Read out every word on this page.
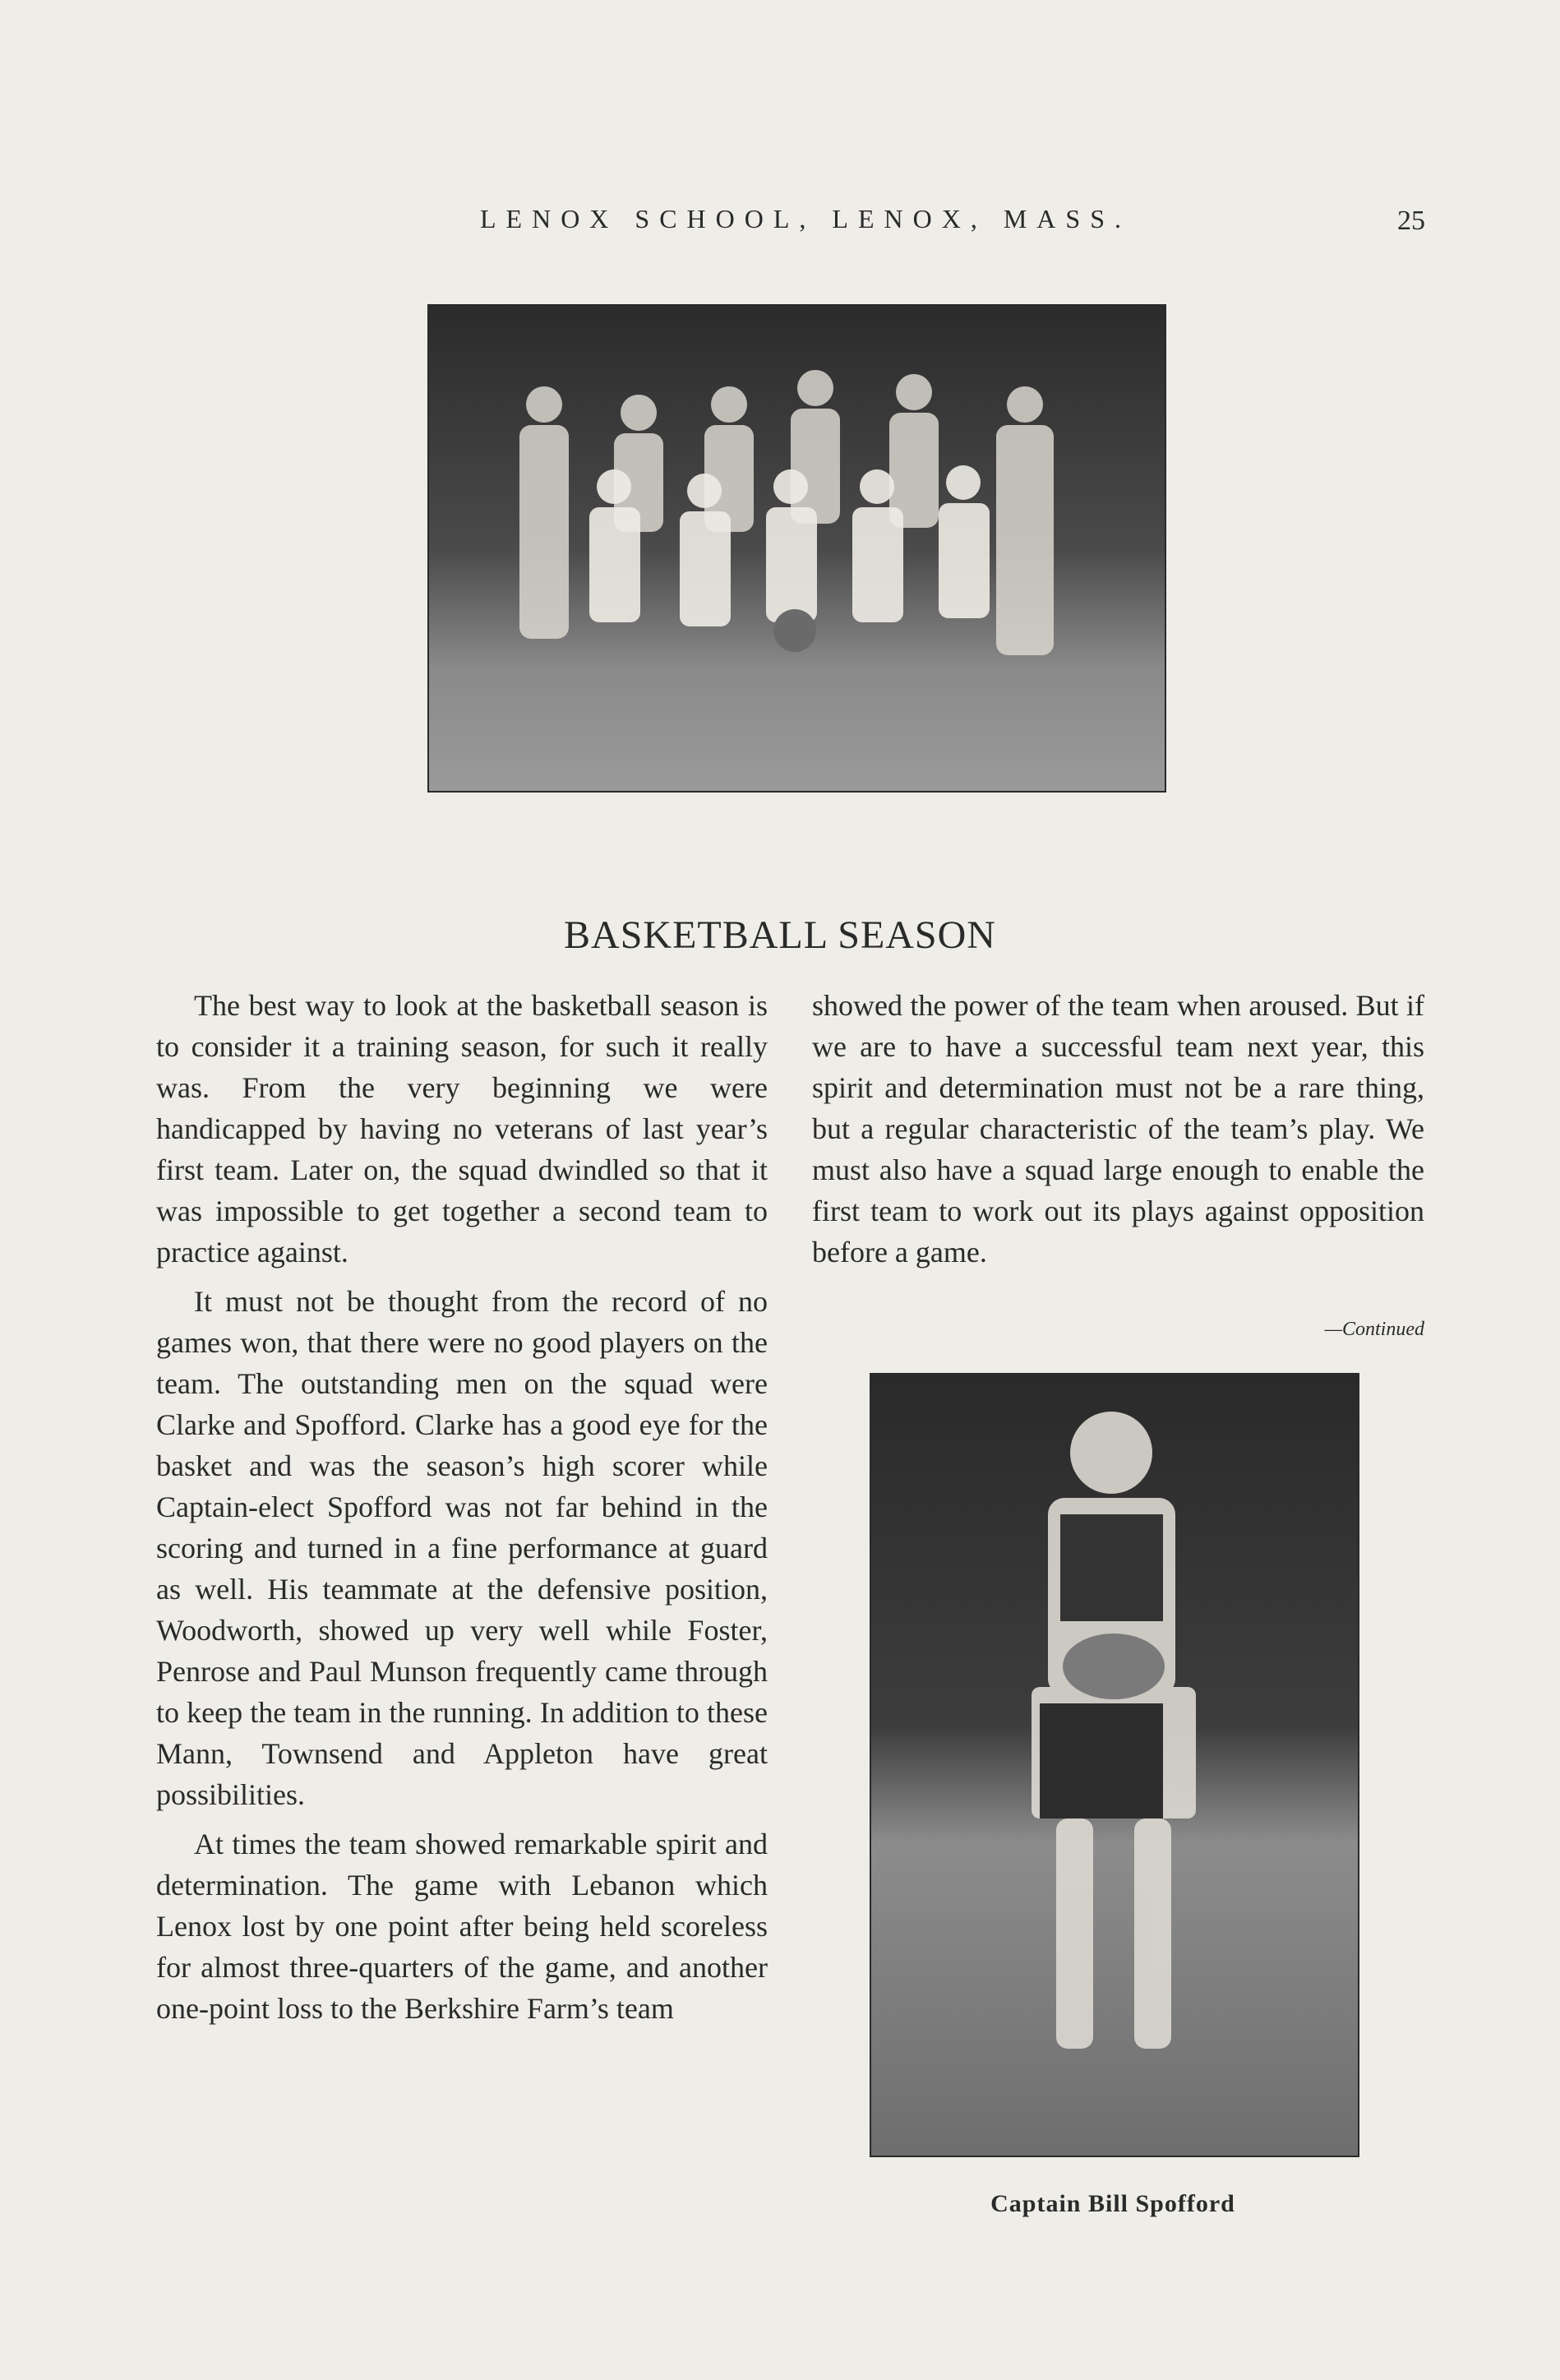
LENOX SCHOOL, LENOX, MASS.	25
BASKETBALL SEASON

The best way to look at the basketball season is to consider it a training season, for such it really was. From the very beginning we were handicapped by having no veterans of last year’s first team. Later on, the squad dwindled so that it was impossible to get together a second team to practice against.

It must not be thought from the record of no games won, that there were no good players on the team. The outstanding men on the squad were Clarke and Spofford. Clarke has a good eye for the basket and was the season’s high scorer while Captain-elect Spofford was not far behind in the scoring and turned in a fine performance at guard as well. His teammate at the defensive position, Woodworth, showed up very well while Foster, Penrose and Paul Munson frequently came through to keep the team in the running. In addition to these Mann, Townsend and Appleton have great possibilities.

At times the team showed remarkable spirit and determination. The game with Lebanon which Lenox lost by one point after being held scoreless for almost three-quarters of the game, and another one-point loss to the Berkshire Farm’s team

showed the power of the team when aroused. But if we are to have a successful team next year, this spirit and determination must not be a rare thing, but a regular characteristic of the team’s play. We must also have a squad large enough to enable the first team to work out its plays against opposition before a game.

—Continued
Captain Bill Spofford
